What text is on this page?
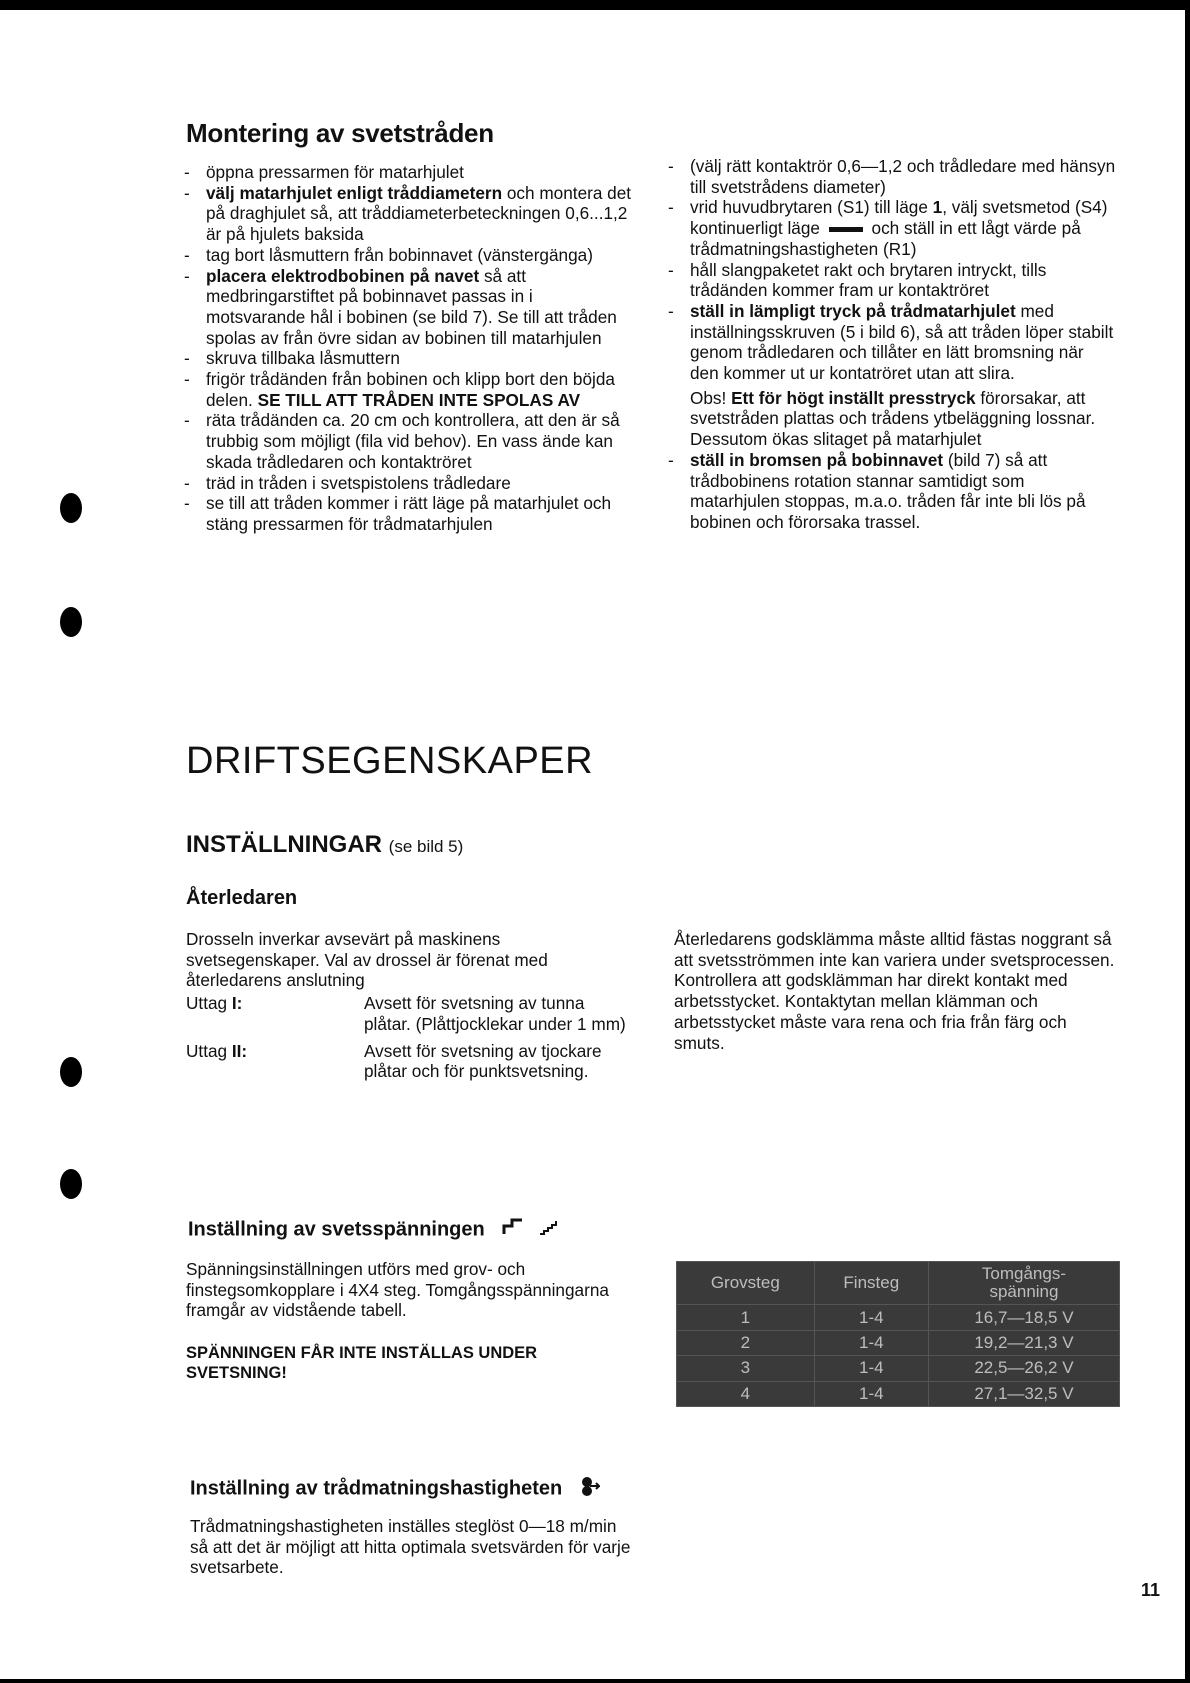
Montering av svetstråden
- öppna pressarmen för matarhjulet
- välj matarhjulet enligt tråddiametern och montera det på draghjulet så, att tråddiameterbeteckningen 0,6...1,2 är på hjulets baksida
- tag bort låsmuttern från bobinnavet (vänstergänga)
- placera elektrodbobinen på navet så att medbringarstiftet på bobinnavet passas in i motsvarande hål i bobinen (se bild 7). Se till att tråden spolas av från övre sidan av bobinen till matarhjulen
- skruva tillbaka låsmuttern
- frigör trådänden från bobinen och klipp bort den böjda delen. SE TILL ATT TRÅDEN INTE SPOLAS AV
- räta trådänden ca. 20 cm och kontrollera, att den är så trubbig som möjligt (fila vid behov). En vass ände kan skada trådledaren och kontaktröret
- träd in tråden i svetspistolens trådledare
- se till att tråden kommer i rätt läge på matarhjulet och stäng pressarmen för trådmatarhjulen
- (välj rätt kontaktrör 0,6—1,2 och trådledare med hänsyn till svetstrådens diameter)
- vrid huvudbrytaren (S1) till läge 1, välj svetsmetod (S4) kontinuerligt läge	och ställ in ett lågt värde på trådmatningshastigheten (R1)
- håll slangpaketet rakt och brytaren intryckt, tills trådänden kommer fram ur kontaktröret
- ställ in lämpligt tryck på trådmatarhjulet med inställningsskruven (5 i bild 6), så att tråden löper stabilt genom trådledaren och tillåter en lätt bromsning när den kommer ut ur kontatröret utan att slira.

Obs! Ett för högt inställt presstryck förorsakar, att svetstråden plattas och trådens ytbeläggning lossnar. Dessutom ökas slitaget på matarhjulet

- ställ in bromsen på bobinnavet (bild 7) så att trådbobinens rotation stannar samtidigt som matarhjulen stoppas, m.a.o. tråden får inte bli lös på bobinen och förorsaka trassel.
DRIFTSEGENSKAPER
INSTÄLLNINGAR (se bild 5)
Återledaren

Drosseln inverkar avsevärt på maskinens svetsegenskaper. Val av drossel är förenat med återledarens anslutning

Uttag I:	Avsett för svetsning av tunna plåtar. (Plåttjocklekar under 1 mm)
Uttag II:	Avsett för svetsning av tjockare plåtar och för punktsvetsning.

Återledarens godsklämma måste alltid fästas noggrant så att svetsströmmen inte kan variera under svetsprocessen. Kontrollera att godsklämman har direkt kontakt med arbetsstycket. Kontaktytan mellan klämman och arbetsstycket måste vara rena och fria från färg och smuts.

Inställning av svetsspänningen

Spänningsinställningen utförs med grov- och finstegsomkopplare i 4X4 steg. Tomgångsspänningarna framgår av vidstående tabell.

SPÄNNINGEN FÅR INTE INSTÄLLAS UNDER SVETSNING!

Grovsteg	Finsteg	Tomgångs-
spänning
1	1-4	16,7—18,5 V
2	1-4	19,2—21,3 V
3	1-4	22,5—26,2 V
4	1-4	27,1—32,5 V
Inställning av trådmatningshastigheten

Trådmatningshastigheten inställes steglöst 0—18 m/min så att det är möjligt att hitta optimala svetsvärden för varje svetsarbete.

11
